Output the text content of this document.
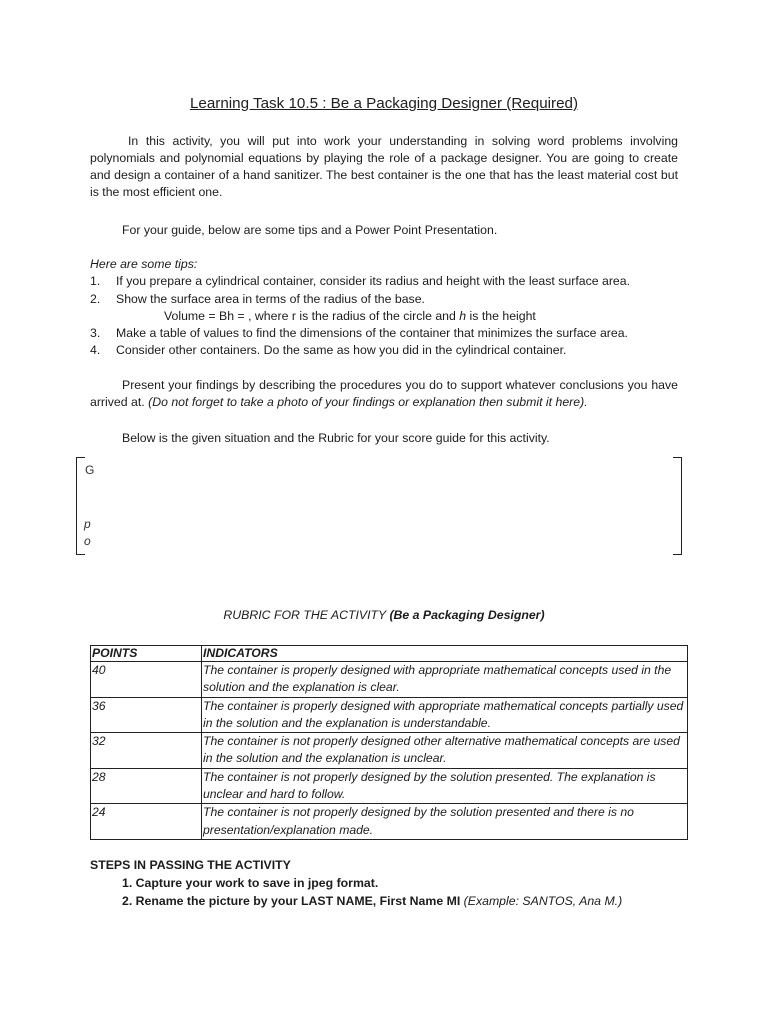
Learning Task 10.5 : Be a Packaging Designer (Required)
In this activity, you will put into work your understanding in solving word problems involving polynomials and polynomial equations by playing the role of a package designer. You are going to create and design a container of a hand sanitizer. The best container is the one that has the least material cost but is the most efficient one.
For your guide, below are some tips and a Power Point Presentation.
Here are some tips:
1.	If you prepare a cylindrical container, consider its radius and height with the least surface area.
2.	Show the surface area in terms of the radius of the base.
Volume = Bh = , where r is the radius of the circle and h is the height
3.	Make a table of values to find the dimensions of the container that minimizes the surface area.
4.	Consider other containers. Do the same as how you did in the cylindrical container.
Present your findings by describing the procedures you do to support whatever conclusions you have arrived at. (Do not forget to take a photo of your findings or explanation then submit it here).
Below is the given situation and the Rubric for your score guide for this activity.
G
p
o
RUBRIC FOR THE ACTIVITY (Be a Packaging Designer)
POINTS	INDICATORS
40	The container is properly designed with appropriate mathematical concepts used in the solution and the explanation is clear.
36	The container is properly designed with appropriate mathematical concepts partially used in the solution and the explanation is understandable.
32	The container is not properly designed other alternative mathematical concepts are used in the solution and the explanation is unclear.
28	The container is not properly designed by the solution presented. The explanation is unclear and hard to follow.
24	The container is not properly designed by the solution presented and there is no presentation/explanation made.
STEPS IN PASSING THE ACTIVITY
1. Capture your work to save in jpeg format.
2. Rename the picture by your LAST NAME, First Name MI (Example: SANTOS, Ana M.)
